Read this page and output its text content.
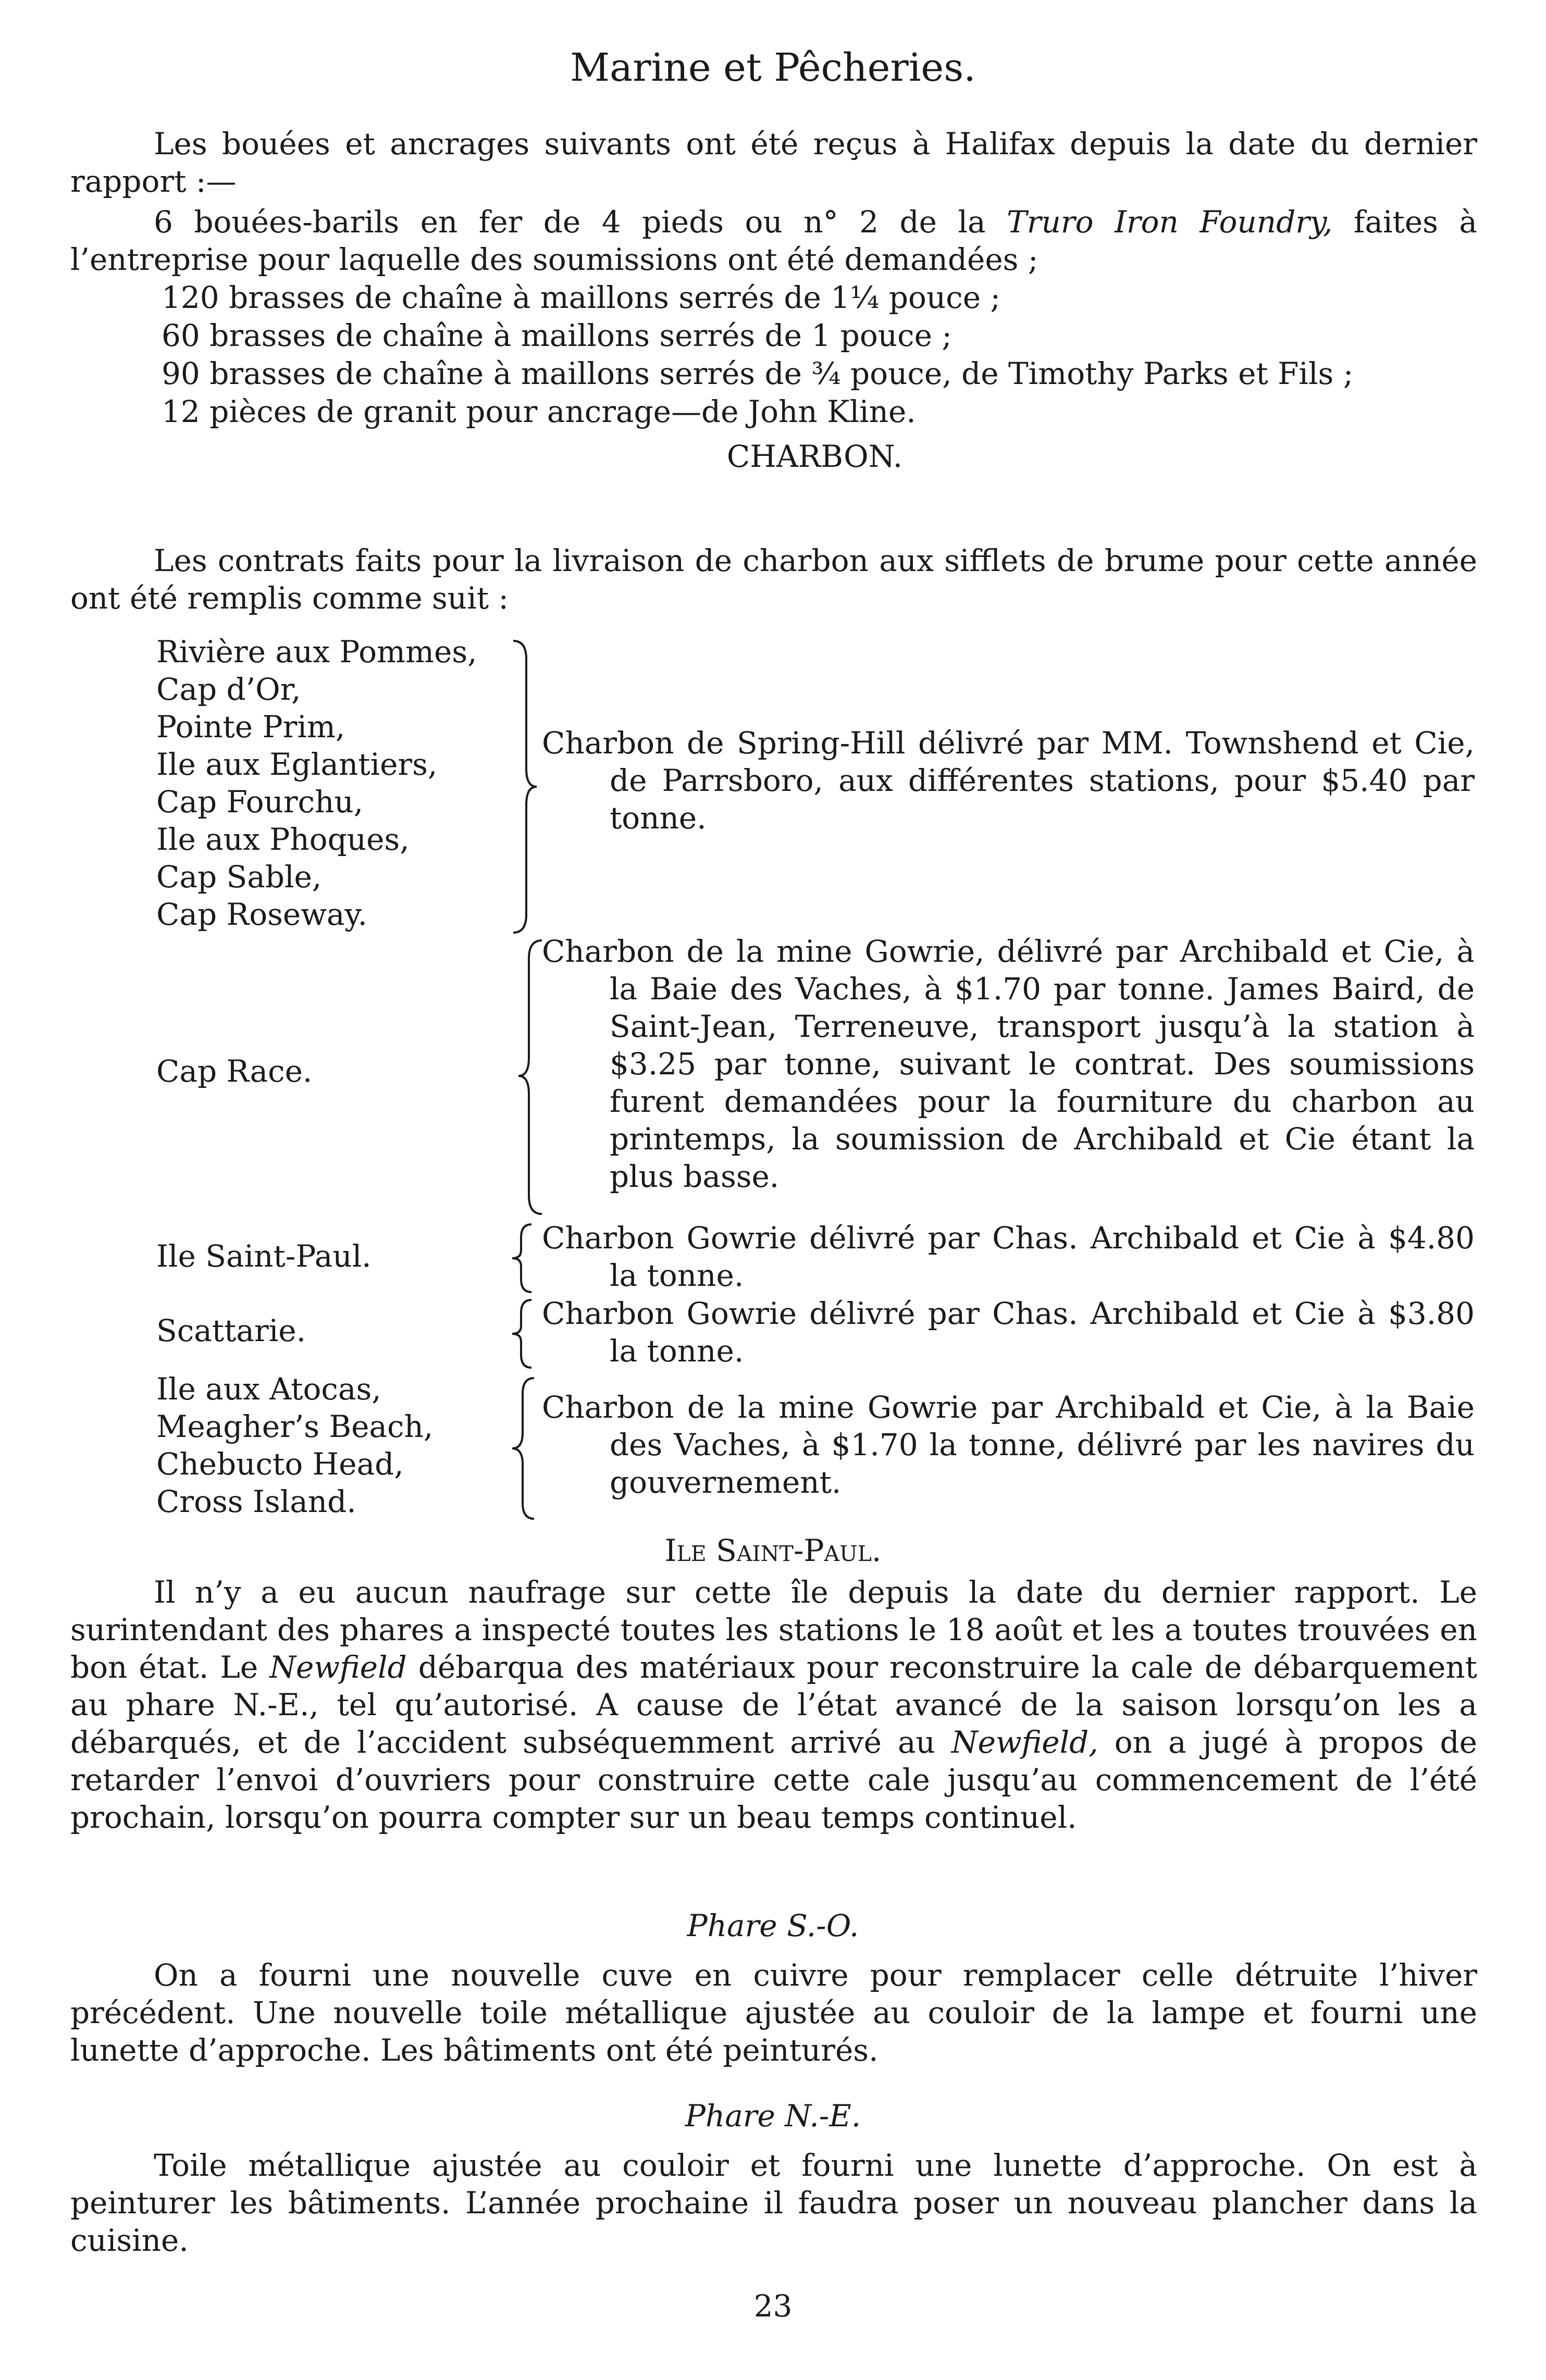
Marine et Pêcheries.
Les bouées et ancrages suivants ont été reçus à Halifax depuis la date du dernier rapport :—
6 bouées-barils en fer de 4 pieds ou n° 2 de la Truro Iron Foundry, faites à l’entreprise pour laquelle des soumissions ont été demandées ;
120 brasses de chaîne à maillons serrés de 1¼ pouce ;
60 brasses de chaîne à maillons serrés de 1 pouce ;
90 brasses de chaîne à maillons serrés de ¾ pouce, de Timothy Parks et Fils ;
12 pièces de granit pour ancrage—de John Kline.
CHARBON.
Les contrats faits pour la livraison de charbon aux sifflets de brume pour cette année ont été remplis comme suit :
Rivière aux Pommes,
Cap d’Or,
Pointe Prim,
Ile aux Eglantiers,
Cap Fourchu,
Ile aux Phoques,
Cap Sable,
Cap Roseway.
Charbon de Spring-Hill délivré par MM. Townshend et Cie, de Parrsboro, aux différentes stations, pour $5.40 par tonne.
Cap Race.
Charbon de la mine Gowrie, délivré par Archibald et Cie, à la Baie des Vaches, à $1.70 par tonne. James Baird, de Saint-Jean, Terreneuve, transport jusqu’à la station à $3.25 par tonne, suivant le contrat. Des soumissions furent demandées pour la fourniture du charbon au printemps, la soumission de Archibald et Cie étant la plus basse.
Ile Saint-Paul.
Charbon Gowrie délivré par Chas. Archibald et Cie à $4.80 la tonne.
Scattarie.	Charbon Gowrie délivré par Chas. Archibald et Cie à $3.80 la tonne.
Ile aux Atocas,
Meagher’s Beach,
Chebucto Head,
Cross Island.
Charbon de la mine Gowrie par Archibald et Cie, à la Baie des Vaches, à $1.70 la tonne, délivré par les navires du gouvernement.
Ile Saint-Paul.
Il n’y a eu aucun naufrage sur cette île depuis la date du dernier rapport. Le surintendant des phares a inspecté toutes les stations le 18 août et les a toutes trouvées en bon état. Le Newfield débarqua des matériaux pour reconstruire la cale de débarquement au phare N.-E., tel qu’autorisé. A cause de l’état avancé de la saison lorsqu’on les a débarqués, et de l’accident subséquemment arrivé au Newfield, on a jugé à propos de retarder l’envoi d’ouvriers pour construire cette cale jusqu’au commencement de l’été prochain, lorsqu’on pourra compter sur un beau temps continuel.
Phare S.-O.
On a fourni une nouvelle cuve en cuivre pour remplacer celle détruite l’hiver précédent. Une nouvelle toile métallique ajustée au couloir de la lampe et fourni une lunette d’approche. Les bâtiments ont été peinturés.
Phare N.-E.
Toile métallique ajustée au couloir et fourni une lunette d’approche. On est à peinturer les bâtiments. L’année prochaine il faudra poser un nouveau plancher dans la cuisine.
23
